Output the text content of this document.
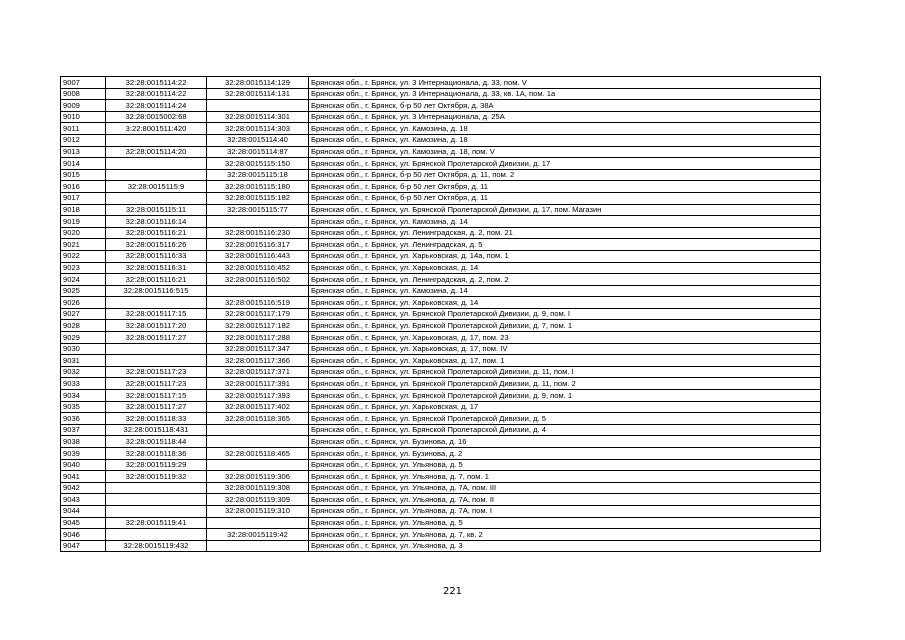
9007	32:28:0015114:22	32:28:0015114:129	Брянская обл., г. Брянск, ул. 3 Интернационала, д. 33, пом. V
9008	32:28:0015114:22	32:28:0015114:131	Брянская обл., г. Брянск, ул. 3 Интернационала, д. 33, кв. 1А, пом. 1а
9009	32:28:0015114:24		Брянская обл., г. Брянск, б-р 50 лет Октября, д. 38А
9010	32:28:0015002:68	32:28:0015114:301	Брянская обл., г. Брянск, ул. 3 Интернационала, д. 25А
9011	3:22:8001511:420	32:28:0015114:303	Брянская обл., г. Брянск, ул. Камозина, д. 18
9012		32:28:0015114:40	Брянская обл., г. Брянск, ул. Камозина, д. 18
9013	32:28:0015114:20	32:28:0015114:87	Брянская обл., г. Брянск, ул. Камозина, д. 18, пом. V
9014		32:28:0015115:150	Брянская обл., г. Брянск, ул. Брянской Пролетарской Дивизии, д. 17
9015		32:28:0015115:18	Брянская обл., г. Брянск, б-р 50 лет Октября, д. 11, пом. 2
9016	32:28:0015115:9	32:28:0015115:180	Брянская обл., г. Брянск, б-р 50 лет Октября, д. 11
9017		32:28:0015115:182	Брянская обл., г. Брянск, б-р 50 лет Октября, д. 11
9018	32:28:0015115:11	32:28:0015115:77	Брянская обл., г. Брянск, ул. Брянской Пролетарской Дивизии, д. 17, пом. Магазин
9019	32:28:0015116:14		Брянская обл., г. Брянск, ул. Камозина, д. 14
9020	32:28:0015116:21	32:28:0015116:230	Брянская обл., г. Брянск, ул. Ленинградская, д. 2, пом. 21
9021	32:28:0015116:26	32:28:0015116:317	Брянская обл., г. Брянск, ул. Ленинградская, д. 5
9022	32:28:0015116:33	32:28:0015116:443	Брянская обл., г. Брянск, ул. Харьковская, д. 14а, пом. 1
9023	32:28:0015116:31	32:28:0015116:452	Брянская обл., г. Брянск, ул. Харьковская, д. 14
9024	32:28:0015116:21	32:28:0015116:502	Брянская обл., г. Брянск, ул. Ленинградская, д. 2, пом. 2
9025	32:28:0015116:515		Брянская обл., г. Брянск, ул. Камозина, д. 14
9026		32:28:0015116:519	Брянская обл., г. Брянск, ул. Харьковская, д. 14
9027	32:28:0015117:15	32:28:0015117:179	Брянская обл., г. Брянск, ул. Брянской Пролетарской Дивизии, д. 9, пом. I
9028	32:28:0015117:20	32:28:0015117:182	Брянская обл., г. Брянск, ул. Брянской Пролетарской Дивизии, д. 7, пом. 1
9029	32:28:0015117:27	32:28:0015117:288	Брянская обл., г. Брянск, ул. Харьковская, д. 17, пом. 23
9030		32:28:0015117:347	Брянская обл., г. Брянск, ул. Харьковская, д. 17, пом. IV
9031		32:28:0015117:366	Брянская обл., г. Брянск, ул. Харьковская, д. 17, пом. 1
9032	32:28:0015117:23	32:28:0015117:371	Брянская обл., г. Брянск, ул. Брянской Пролетарской Дивизии, д. 11, пом. I
9033	32:28:0015117:23	32:28:0015117:391	Брянская обл., г. Брянск, ул. Брянской Пролетарской Дивизии, д. 11, пом. 2
9034	32:28:0015117:15	32:28:0015117:393	Брянская обл., г. Брянск, ул. Брянской Пролетарской Дивизии, д. 9, пом. 1
9035	32:28:0015117:27	32:28:0015117:402	Брянская обл., г. Брянск, ул. Харьковская, д. 17
9036	32:28:0015118:33	32:28:0015118:365	Брянская обл., г. Брянск, ул. Брянской Пролетарской Дивизии, д. 5
9037	32:28:0015118:431		Брянская обл., г. Брянск, ул. Брянской Пролетарской Дивизии, д. 4
9038	32:28:0015118:44		Брянская обл., г. Брянск, ул. Бузинова, д. 16
9039	32:28:0015118:36	32:28:0015118:465	Брянская обл., г. Брянск, ул. Бузинова, д. 2
9040	32:28:0015119:29		Брянская обл., г. Брянск, ул. Ульянова, д. 5
9041	32:28:0015119:32	32:28:0015119:306	Брянская обл., г. Брянск, ул. Ульянова, д. 7, пом. 1
9042		32:28:0015119:308	Брянская обл., г. Брянск, ул. Ульянова, д. 7А, пом. III
9043		32:28:0015119:309	Брянская обл., г. Брянск, ул. Ульянова, д. 7А, пом. II
9044		32:28:0015119:310	Брянская обл., г. Брянск, ул. Ульянова, д. 7А, пом. I
9045	32:28:0015119:41		Брянская обл., г. Брянск, ул. Ульянова, д. 5
9046		32:28:0015119:42	Брянская обл., г. Брянск, ул. Ульянова, д. 7, кв. 2
9047	32:28:0015119:432		Брянская обл., г. Брянск, ул. Ульянова, д. 3
221
